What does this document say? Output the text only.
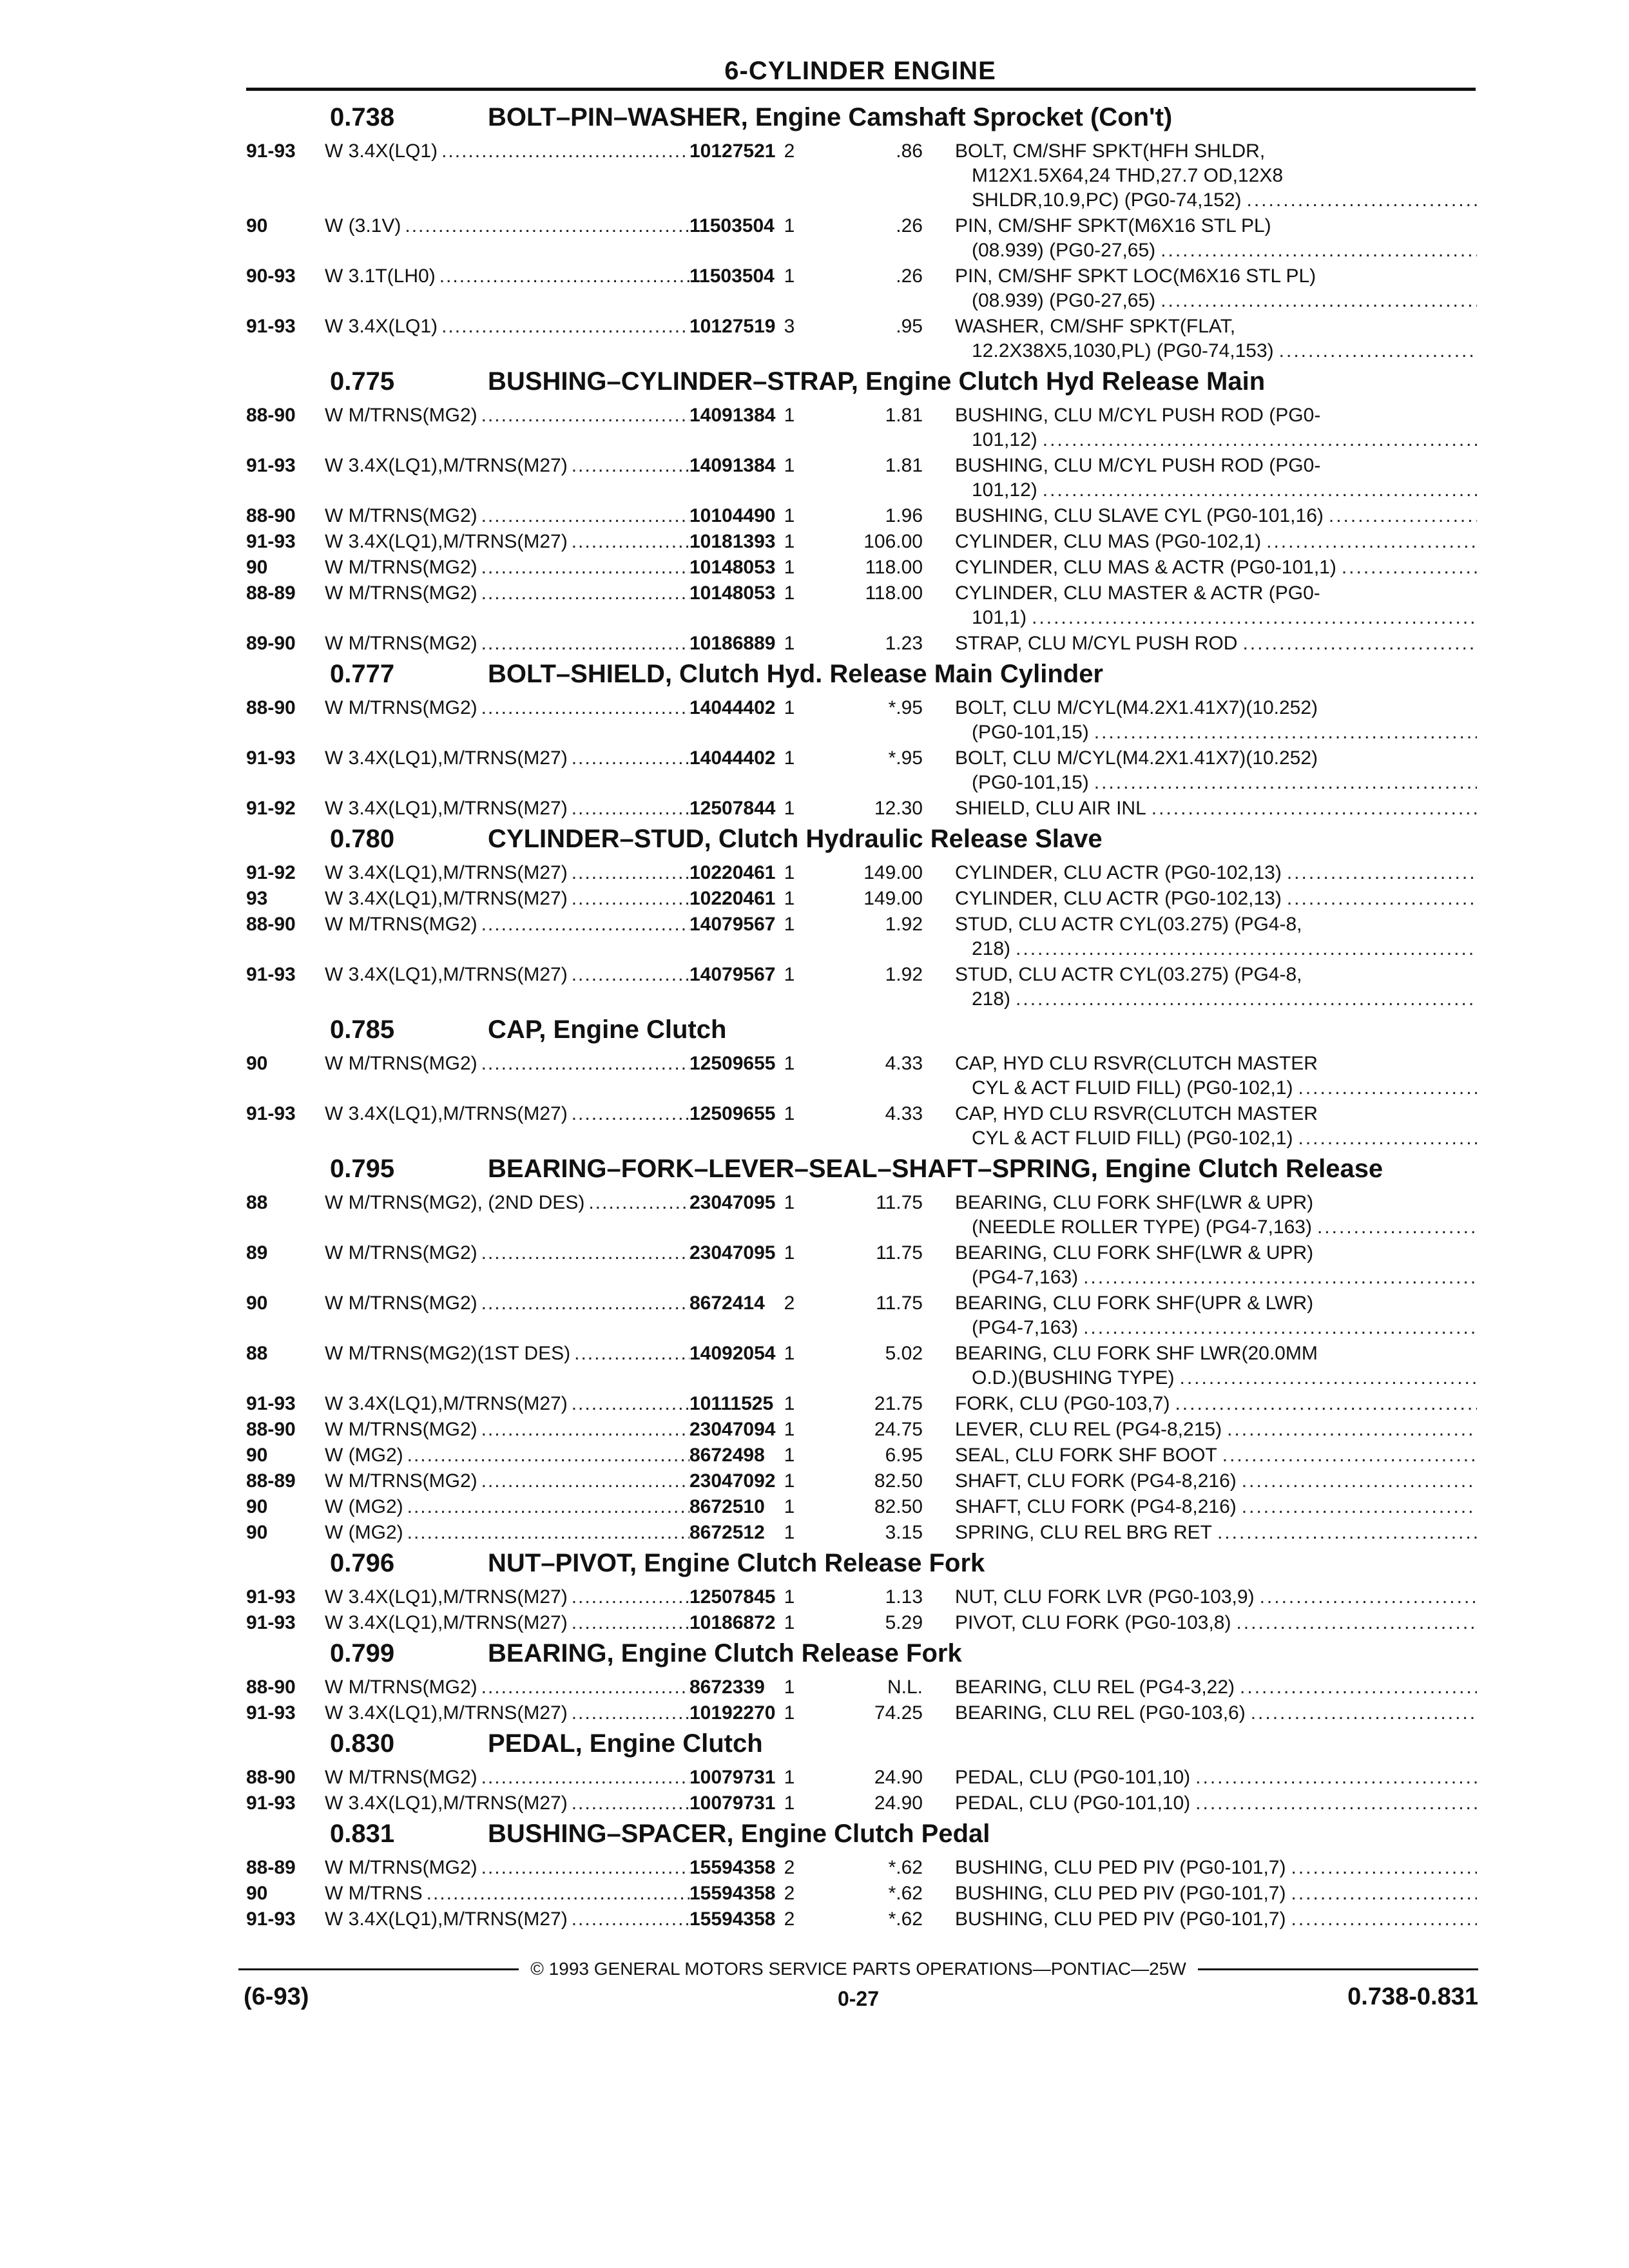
6-CYLINDER ENGINE
0.738	BOLT–PIN–WASHER, Engine Camshaft Sprocket (Con't)
91-93	W 3.4X(LQ1) .....	10127521 2	.86	BOLT, CM/SHF SPKT(HFH SHLDR,
M12X1.5X64,24 THD,27.7 OD,12X8
SHLDR,10.9,PC) (PG0-74,152)
.....
90	W (3.1V) .....	11503504 1	.26	PIN, CM/SHF SPKT(M6X16 STL PL)
(08.939) (PG0-27,65)
.....
90-93	W 3.1T(LH0) .....	11503504 1	.26	PIN, CM/SHF SPKT LOC(M6X16 STL PL)
(08.939) (PG0-27,65)
.....
91-93	W 3.4X(LQ1) .....	10127519 3	.95	WASHER, CM/SHF SPKT(FLAT,
12.2X38X5,1030,PL) (PG0-74,153)
.....
0.775	BUSHING–CYLINDER–STRAP, Engine Clutch Hyd Release Main
88-90	W M/TRNS(MG2) .....	14091384 1	1.81	BUSHING, CLU M/CYL PUSH ROD (PG0-
101,12)
.....
91-93	W 3.4X(LQ1),M/TRNS(M27) .....	14091384 1	1.81	BUSHING, CLU M/CYL PUSH ROD (PG0-
101,12)
.....
88-90	W M/TRNS(MG2) .....	10104490 1	1.96	BUSHING, CLU SLAVE CYL (PG0-101,16)
.....
91-93	W 3.4X(LQ1),M/TRNS(M27) .....	10181393 1	106.00	CYLINDER, CLU MAS (PG0-102,1)
.....
90	W M/TRNS(MG2) .....	10148053 1	118.00	CYLINDER, CLU MAS & ACTR (PG0-101,1)
.....
88-89	W M/TRNS(MG2) .....	10148053 1	118.00	CYLINDER, CLU MASTER & ACTR (PG0-
101,1)
.....
89-90	W M/TRNS(MG2) .....	10186889 1	1.23	STRAP, CLU M/CYL PUSH ROD
.....
0.777	BOLT–SHIELD, Clutch Hyd. Release Main Cylinder
88-90	W M/TRNS(MG2) .....	14044402 1	*.95	BOLT, CLU M/CYL(M4.2X1.41X7)(10.252)
(PG0-101,15)
.....
91-93	W 3.4X(LQ1),M/TRNS(M27) .....	14044402 1	*.95	BOLT, CLU M/CYL(M4.2X1.41X7)(10.252)
(PG0-101,15)
.....
91-92	W 3.4X(LQ1),M/TRNS(M27) .....	12507844 1	12.30	SHIELD, CLU AIR INL
.....
0.780	CYLINDER–STUD, Clutch Hydraulic Release Slave
91-92	W 3.4X(LQ1),M/TRNS(M27) .....	10220461 1	149.00	CYLINDER, CLU ACTR (PG0-102,13)
.....
93	W 3.4X(LQ1),M/TRNS(M27) .....	10220461 1	149.00	CYLINDER, CLU ACTR (PG0-102,13)
.....
88-90	W M/TRNS(MG2) .....	14079567 1	1.92	STUD, CLU ACTR CYL(03.275) (PG4-8,
218)
.....
91-93	W 3.4X(LQ1),M/TRNS(M27) .....	14079567 1	1.92	STUD, CLU ACTR CYL(03.275) (PG4-8,
218)
.....
0.785	CAP, Engine Clutch
90	W M/TRNS(MG2) .....	12509655 1	4.33	CAP, HYD CLU RSVR(CLUTCH MASTER
CYL & ACT FLUID FILL) (PG0-102,1)
.....
91-93	W 3.4X(LQ1),M/TRNS(M27) .....	12509655 1	4.33	CAP, HYD CLU RSVR(CLUTCH MASTER
CYL & ACT FLUID FILL) (PG0-102,1)
.....
0.795	BEARING–FORK–LEVER–SEAL–SHAFT–SPRING, Engine Clutch Release
88	W M/TRNS(MG2), (2ND DES) .....	23047095 1	11.75	BEARING, CLU FORK SHF(LWR & UPR)
(NEEDLE ROLLER TYPE) (PG4-7,163)
.....
89	W M/TRNS(MG2) .....	23047095 1	11.75	BEARING, CLU FORK SHF(LWR & UPR)
(PG4-7,163)
.....
90	W M/TRNS(MG2) .....	8672414 2	11.75	BEARING, CLU FORK SHF(UPR & LWR)
(PG4-7,163)
.....
88	W M/TRNS(MG2)(1ST DES) .....	14092054 1	5.02	BEARING, CLU FORK SHF LWR(20.0MM
O.D.)(BUSHING TYPE)
.....
91-93	W 3.4X(LQ1),M/TRNS(M27) .....	10111525 1	21.75	FORK, CLU (PG0-103,7)
.....
88-90	W M/TRNS(MG2) .....	23047094 1	24.75	LEVER, CLU REL (PG4-8,215)
.....
90	W (MG2) .....	8672498 1	6.95	SEAL, CLU FORK SHF BOOT
.....
88-89	W M/TRNS(MG2) .....	23047092 1	82.50	SHAFT, CLU FORK (PG4-8,216)
.....
90	W (MG2) .....	8672510 1	82.50	SHAFT, CLU FORK (PG4-8,216)
.....
90	W (MG2) .....	8672512 1	3.15	SPRING, CLU REL BRG RET
.....
0.796	NUT–PIVOT, Engine Clutch Release Fork
91-93	W 3.4X(LQ1),M/TRNS(M27) .....	12507845 1	1.13	NUT, CLU FORK LVR (PG0-103,9)
.....
91-93	W 3.4X(LQ1),M/TRNS(M27) .....	10186872 1	5.29	PIVOT, CLU FORK (PG0-103,8)
.....
0.799	BEARING, Engine Clutch Release Fork
88-90	W M/TRNS(MG2) .....	8672339 1	N.L.	BEARING, CLU REL (PG4-3,22)
.....
91-93	W 3.4X(LQ1),M/TRNS(M27) .....	10192270 1	74.25	BEARING, CLU REL (PG0-103,6)
.....
0.830	PEDAL, Engine Clutch
88-90	W M/TRNS(MG2) .....	10079731 1	24.90	PEDAL, CLU (PG0-101,10)
.....
91-93	W 3.4X(LQ1),M/TRNS(M27) .....	10079731 1	24.90	PEDAL, CLU (PG0-101,10)
.....
0.831	BUSHING–SPACER, Engine Clutch Pedal
88-89	W M/TRNS(MG2) .....	15594358 2	*.62	BUSHING, CLU PED PIV (PG0-101,7)
.....
90	W M/TRNS .....	15594358 2	*.62	BUSHING, CLU PED PIV (PG0-101,7)
.....
91-93	W 3.4X(LQ1),M/TRNS(M27) .....	15594358 2	*.62	BUSHING, CLU PED PIV (PG0-101,7)
.....
© 1993 GENERAL MOTORS SERVICE PARTS OPERATIONS—PONTIAC—25W
(6-93)	0-27	0.738-0.831
